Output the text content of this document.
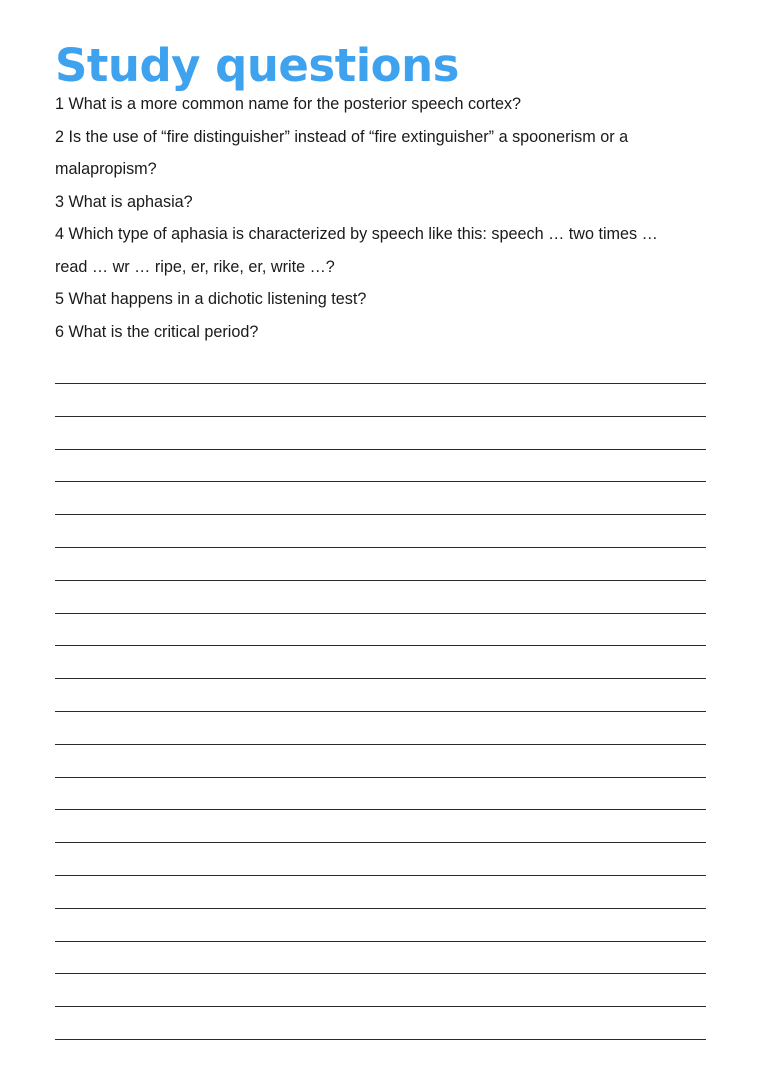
Study questions
1 What is a more common name for the posterior speech cortex?
2 Is the use of “fire distinguisher” instead of “fire extinguisher” a spoonerism or a
malapropism?
3 What is aphasia?
4 Which type of aphasia is characterized by speech like this: speech … two times …
read … wr … ripe, er, rike, er, write …?
5 What happens in a dichotic listening test?
6 What is the critical period?
